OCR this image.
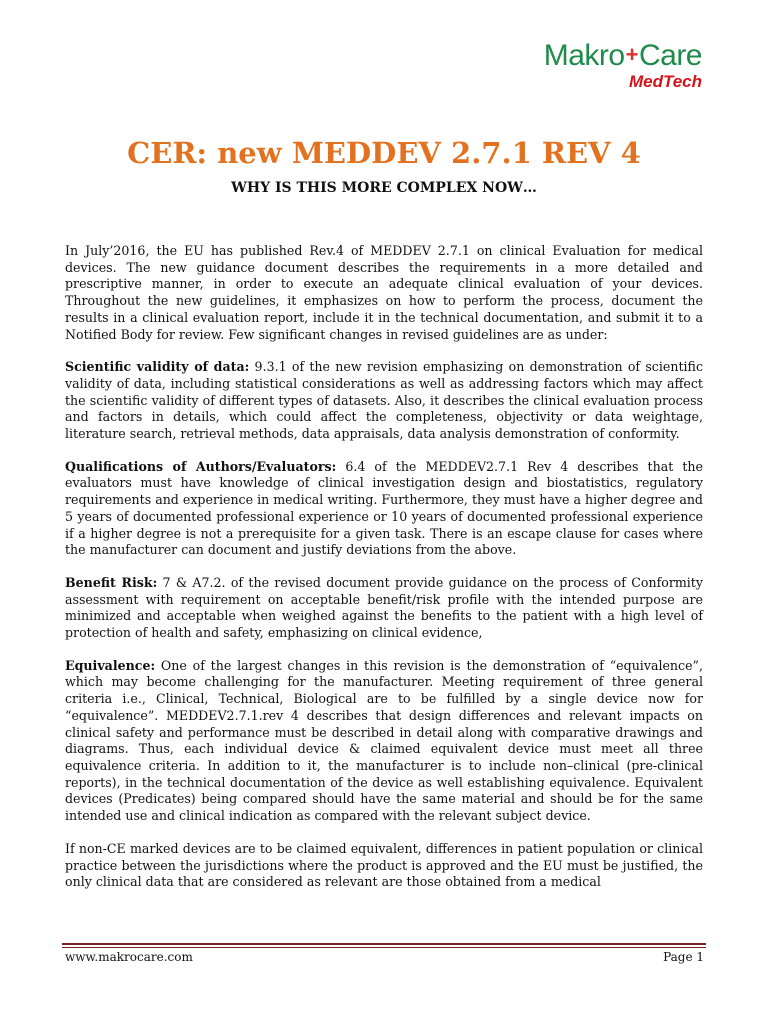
Makro+Care
MedTech
CER: new MEDDEV 2.7.1 REV 4
WHY IS THIS MORE COMPLEX NOW…

In July’2016, the EU has published Rev.4 of MEDDEV 2.7.1 on clinical Evaluation for medical devices. The new guidance document describes the requirements in a more detailed and prescriptive manner, in order to execute an adequate clinical evaluation of your devices. Throughout the new guidelines, it emphasizes on how to perform the process, document the results in a clinical evaluation report, include it in the technical documentation, and submit it to a Notified Body for review. Few significant changes in revised guidelines are as under:

Scientific validity of data: 9.3.1 of the new revision emphasizing on demonstration of scientific validity of data, including statistical considerations as well as addressing factors which may affect the scientific validity of different types of datasets. Also, it describes the clinical evaluation process and factors in details, which could affect the completeness, objectivity or data weightage, literature search, retrieval methods, data appraisals, data analysis demonstration of conformity.

Qualifications of Authors/Evaluators: 6.4 of the MEDDEV2.7.1 Rev 4 describes that the evaluators must have knowledge of clinical investigation design and biostatistics, regulatory requirements and experience in medical writing. Furthermore, they must have a higher degree and 5 years of documented professional experience or 10 years of documented professional experience if a higher degree is not a prerequisite for a given task. There is an escape clause for cases where the manufacturer can document and justify deviations from the above.

Benefit Risk: 7 & A7.2. of the revised document provide guidance on the process of Conformity assessment with requirement on acceptable benefit/risk profile with the intended purpose are minimized and acceptable when weighed against the benefits to the patient with a high level of protection of health and safety, emphasizing on clinical evidence,

Equivalence: One of the largest changes in this revision is the demonstration of “equivalence”, which may become challenging for the manufacturer. Meeting requirement of three general criteria i.e., Clinical, Technical, Biological are to be fulfilled by a single device now for “equivalence”. MEDDEV2.7.1.rev 4 describes that design differences and relevant impacts on clinical safety and performance must be described in detail along with comparative drawings and diagrams. Thus, each individual device & claimed equivalent device must meet all three equivalence criteria. In addition to it, the manufacturer is to include non–clinical (pre-clinical reports), in the technical documentation of the device as well establishing equivalence. Equivalent devices (Predicates) being compared should have the same material and should be for the same intended use and clinical indication as compared with the relevant subject device.

If non-CE marked devices are to be claimed equivalent, differences in patient population or clinical practice between the jurisdictions where the product is approved and the EU must be justified, the only clinical data that are considered as relevant are those obtained from a medical

www.makrocare.com	Page 1
